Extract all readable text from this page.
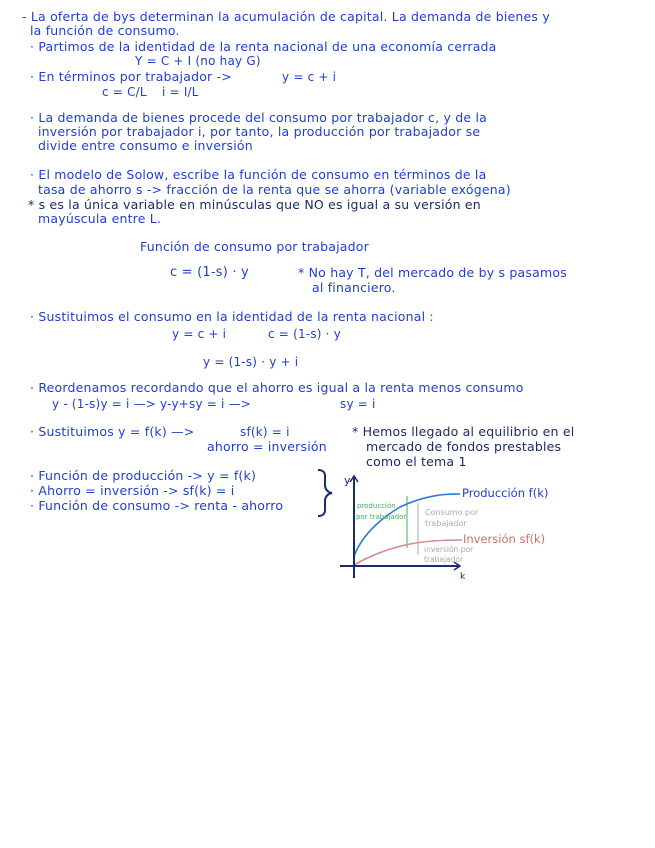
- La oferta de bys determinan la acumulación de capital. La demanda de bienes y
la función de consumo.
· Partimos de la identidad de la renta nacional de una economía cerrada
Y = C + I (no hay G)
· En términos por trabajador ->	y = c + i
c = C/L i = I/L
· La demanda de bienes procede del consumo por trabajador c, y de la
inversión por trabajador i, por tanto, la producción por trabajador se
divide entre consumo e inversión
· El modelo de Solow, escribe la función de consumo en términos de la
tasa de ahorro s -> fracción de la renta que se ahorra (variable exógena)
* s es la única variable en minúsculas que NO es igual a su versión en
mayúscula entre L.
Función de consumo por trabajador
c = (1-s) · y	* No hay T, del mercado de by s pasamos
al financiero.
· Sustituimos el consumo en la identidad de la renta nacional :
y = c + i	c = (1-s) · y
y = (1-s) · y + i
· Reordenamos recordando que el ahorro es igual a la renta menos consumo
y - (1-s)y = i —> y-y+sy = i —>	sy = i
· Sustituimos y = f(k) —>	sf(k) = i
ahorro = inversión
* Hemos llegado al equilibrio en el
mercado de fondos prestables
como el tema 1
· Función de producción -> y = f(k)
· Ahorro = inversión -> sf(k) = i
· Función de consumo -> renta - ahorro
y
k
Producción f(k)
Inversión sf(k)
producción
por trabajador Consumo por
trabajador
inversión por
trabajador
